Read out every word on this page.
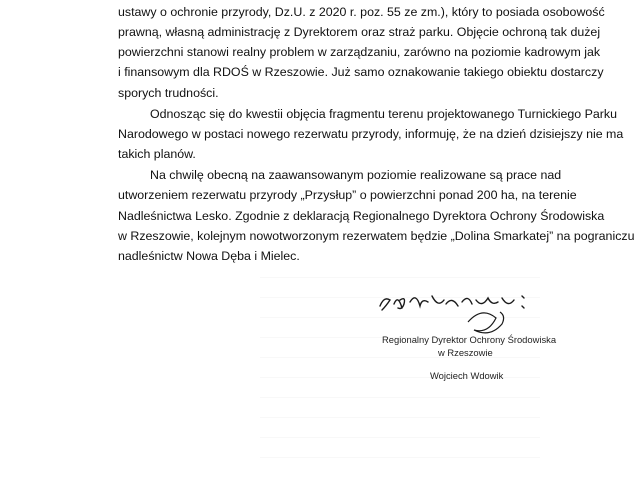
ustawy o ochronie przyrody, Dz.U. z 2020 r. poz. 55 ze zm.), który to posiada osobowość
prawną, własną administrację z Dyrektorem oraz straż parku. Objęcie ochroną tak dużej
powierzchni stanowi realny problem w zarządzaniu, zarówno na poziomie kadrowym jak
i finansowym dla RDOŚ w Rzeszowie. Już samo oznakowanie takiego obiektu dostarczy
sporych trudności.
Odnosząc się do kwestii objęcia fragmentu terenu projektowanego Turnickiego Parku
Narodowego w postaci nowego rezerwatu przyrody, informuję, że na dzień dzisiejszy nie ma
takich planów.
Na chwilę obecną na zaawansowanym poziomie realizowane są prace nad
utworzeniem rezerwatu przyrody „Przysłup” o powierzchni ponad 200 ha, na terenie
Nadleśnictwa Lesko. Zgodnie z deklaracją Regionalnego Dyrektora Ochrony Środowiska
w Rzeszowie, kolejnym nowotworzonym rezerwatem będzie „Dolina Smarkatej” na pograniczu
nadleśnictw Nowa Dęba i Mielec.
Regionalny Dyrektor Ochrony Środowiska
w Rzeszowie
Wojciech Wdowik
